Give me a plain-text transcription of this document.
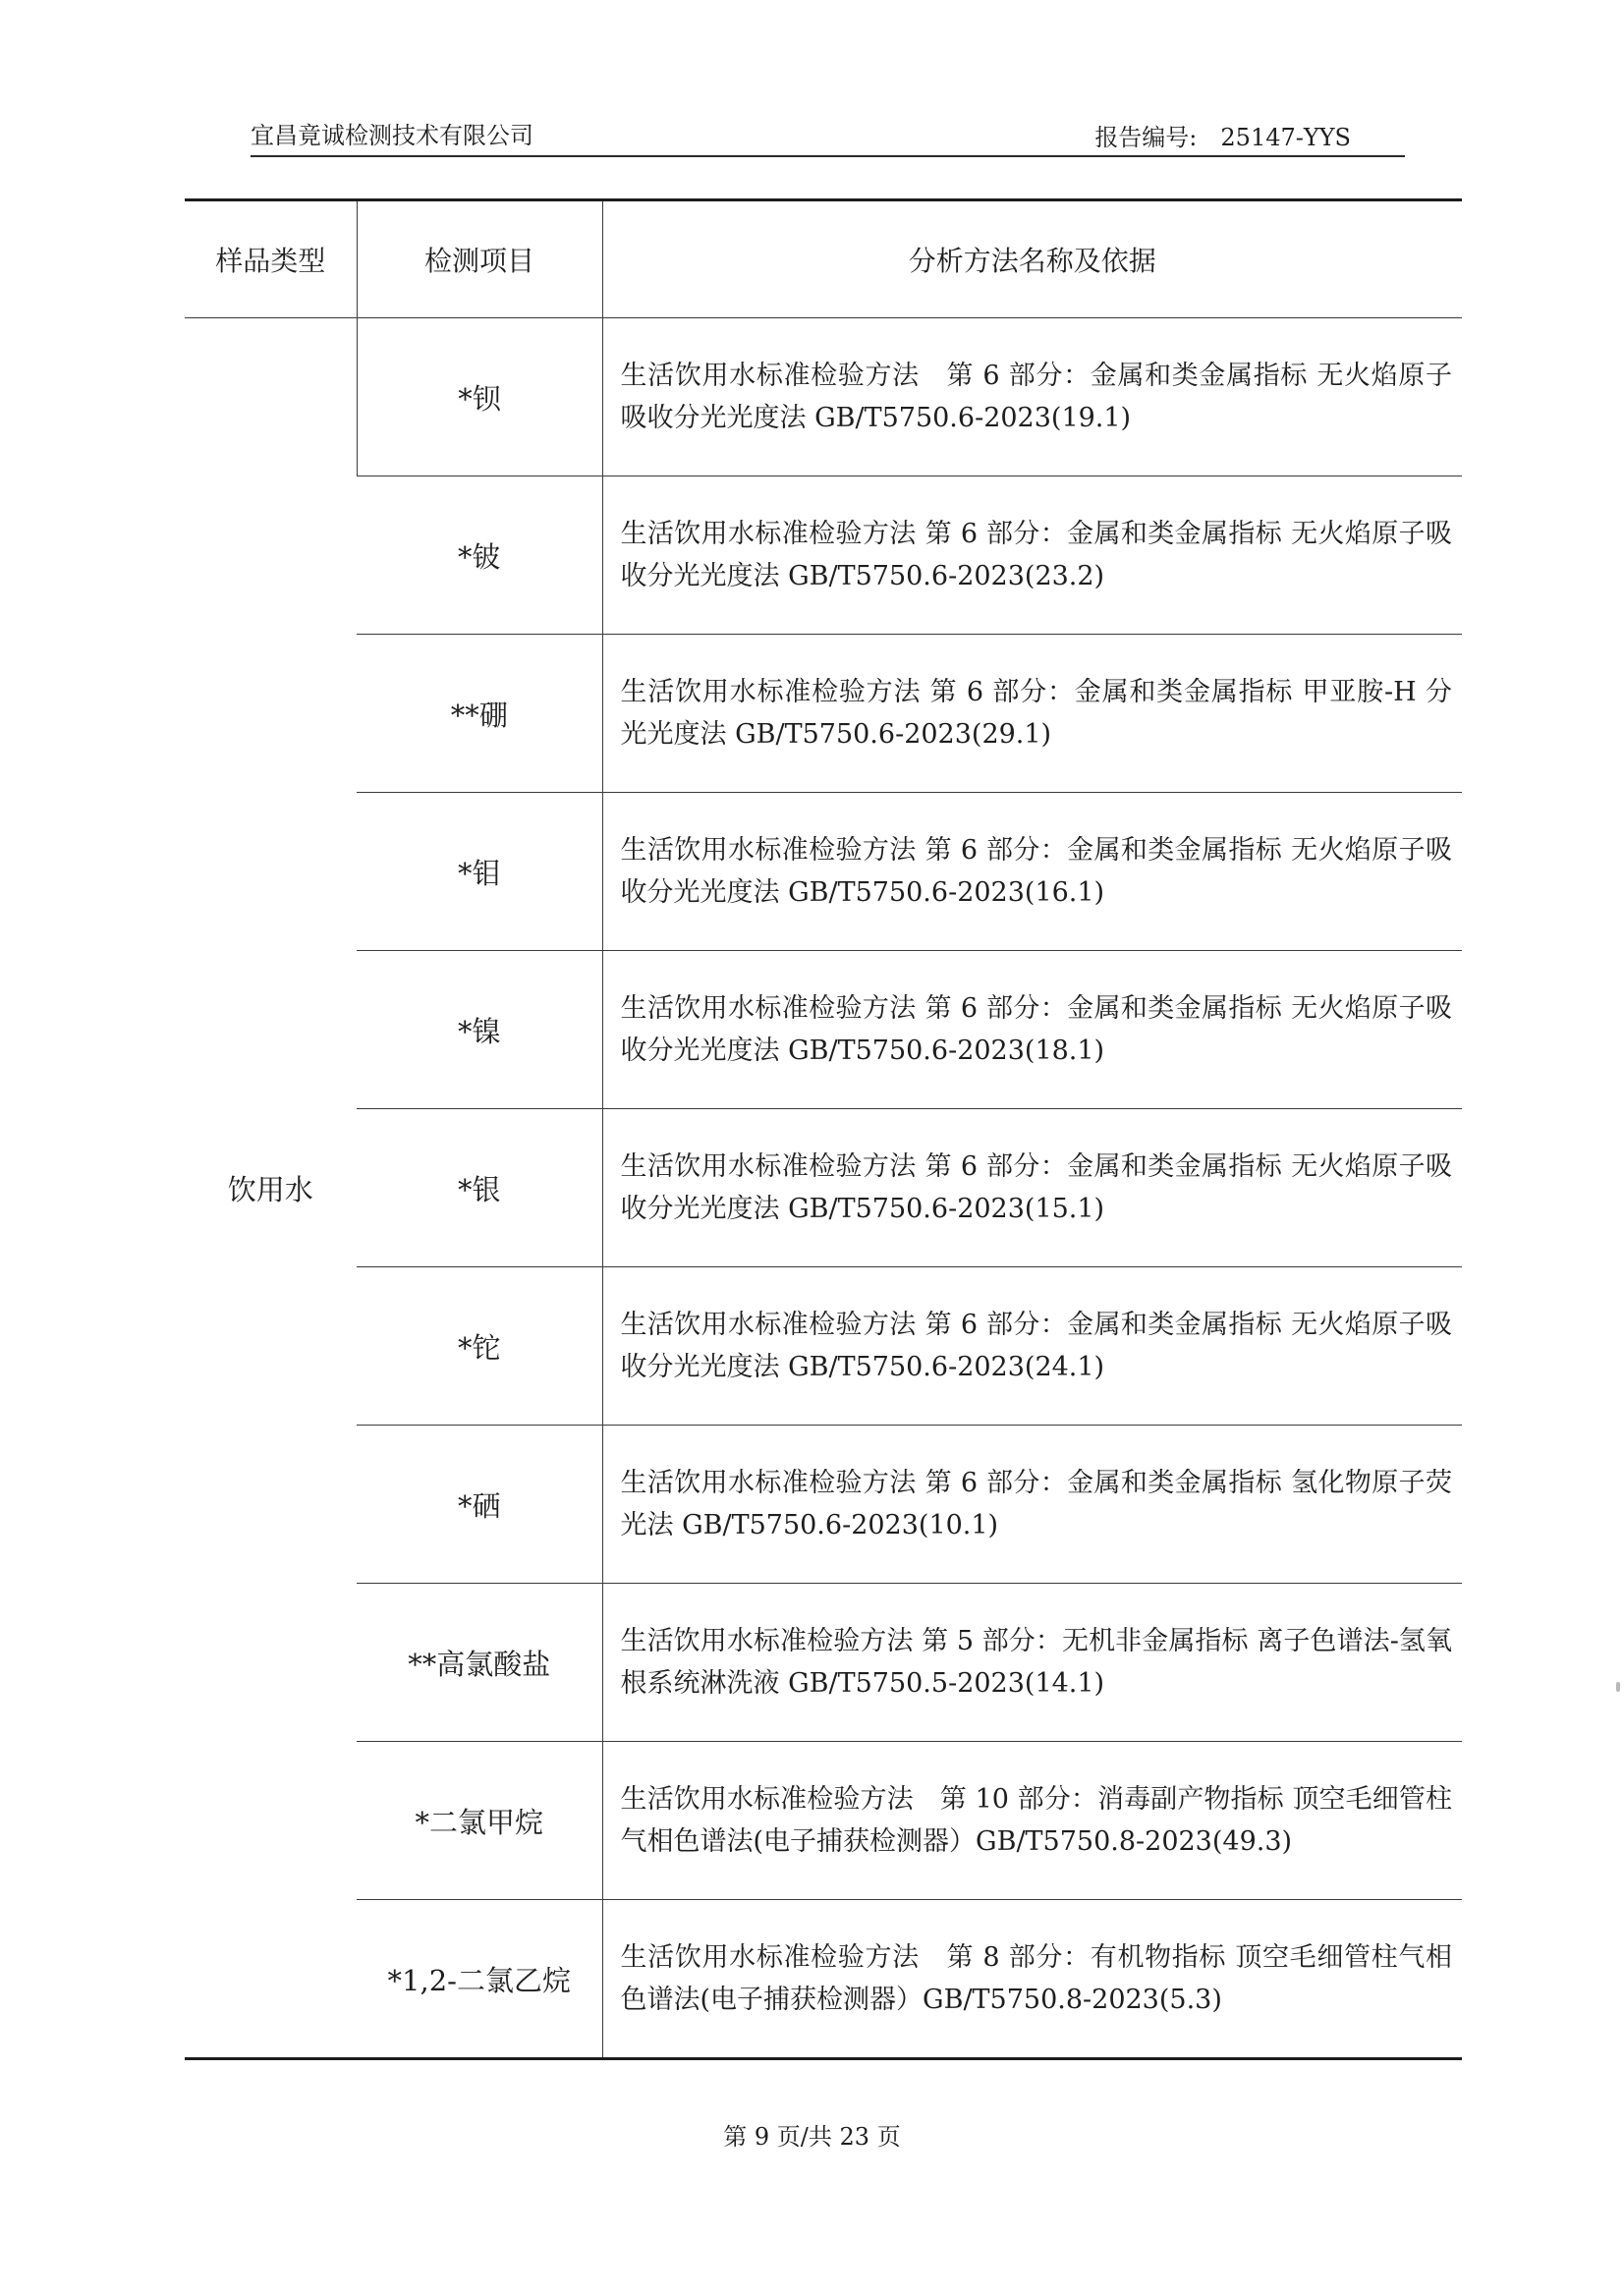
宜昌竟诚检测技术有限公司	报告编号: 25147-YYS
样品类型	检测项目	分析方法名称及依据
饮用水	*钡	生活饮用水标准检验方法　第 6 部分：金属和类金属指标 无火焰原子吸收分光光度法 GB/T5750.6-2023(19.1)
	*铍	生活饮用水标准检验方法 第 6 部分：金属和类金属指标 无火焰原子吸收分光光度法 GB/T5750.6-2023(23.2)
	**硼	生活饮用水标准检验方法 第 6 部分：金属和类金属指标 甲亚胺-H 分光光度法 GB/T5750.6-2023(29.1)
	*钼	生活饮用水标准检验方法 第 6 部分：金属和类金属指标 无火焰原子吸收分光光度法 GB/T5750.6-2023(16.1)
	*镍	生活饮用水标准检验方法 第 6 部分：金属和类金属指标 无火焰原子吸收分光光度法 GB/T5750.6-2023(18.1)
	*银	生活饮用水标准检验方法 第 6 部分：金属和类金属指标 无火焰原子吸收分光光度法 GB/T5750.6-2023(15.1)
	*铊	生活饮用水标准检验方法 第 6 部分：金属和类金属指标 无火焰原子吸收分光光度法 GB/T5750.6-2023(24.1)
	*硒	生活饮用水标准检验方法 第 6 部分：金属和类金属指标 氢化物原子荧光法 GB/T5750.6-2023(10.1)
	**高氯酸盐	生活饮用水标准检验方法 第 5 部分：无机非金属指标 离子色谱法-氢氧根系统淋洗液 GB/T5750.5-2023(14.1)
	*二氯甲烷	生活饮用水标准检验方法　第 10 部分：消毒副产物指标 顶空毛细管柱气相色谱法(电子捕获检测器）GB/T5750.8-2023(49.3)
	*1,2-二氯乙烷	生活饮用水标准检验方法　第 8 部分：有机物指标 顶空毛细管柱气相色谱法(电子捕获检测器）GB/T5750.8-2023(5.3)
第 9 页/共 23 页
